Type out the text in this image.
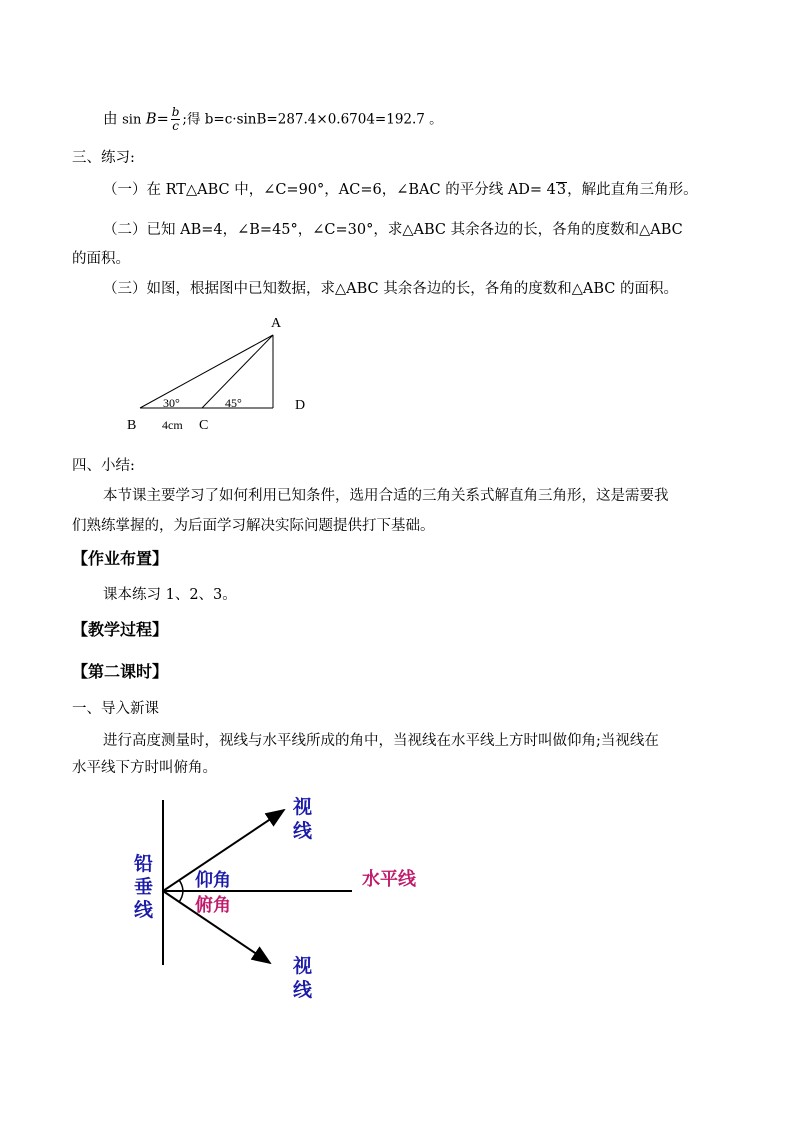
由 $\sin B= \frac{b}{c}$ ;得 b=c·sinB=287.4×0.6704=192.7 。
三、练习:
（一）在 RT△ABC 中，∠C=90°，AC=6，∠BAC 的平分线 AD= 43，解此直角三角形。
（二）已知 AB=4，∠B=45°，∠C=30°，求△ABC 其余各边的长，各角的度数和△ABC
的面积。
（三）如图，根据图中已知数据，求△ABC 其余各边的长，各角的度数和△ABC 的面积。
A
B	C
D
30°	45°
4cm
四、小结:
本节课主要学习了如何利用已知条件，选用合适的三角关系式解直角三角形，这是需要我
们熟练掌握的，为后面学习解决实际问题提供打下基础。
【作业布置】
课本练习 1、2、3。
【教学过程】
【第二课时】
一、导入新课
进行高度测量时，视线与水平线所成的角中，当视线在水平线上方时叫做仰角;当视线在
水平线下方时叫俯角。
铅
垂
线
仰角
俯角
水平线
视
线
视
线
